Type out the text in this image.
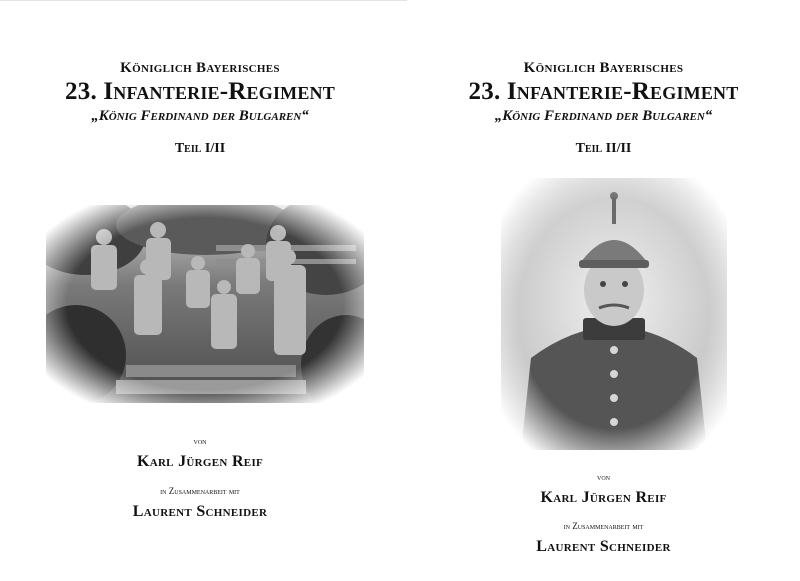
Königlich Bayerisches
23. Infanterie-Regiment
„König Ferdinand der Bulgaren“
Teil I/II
von
Karl Jürgen Reif
in Zusammenarbeit mit
Laurent Schneider
Königlich Bayerisches
23. Infanterie-Regiment
„König Ferdinand der Bulgaren“
Teil II/II
von
Karl Jürgen Reif
in Zusammenarbeit mit
Laurent Schneider
